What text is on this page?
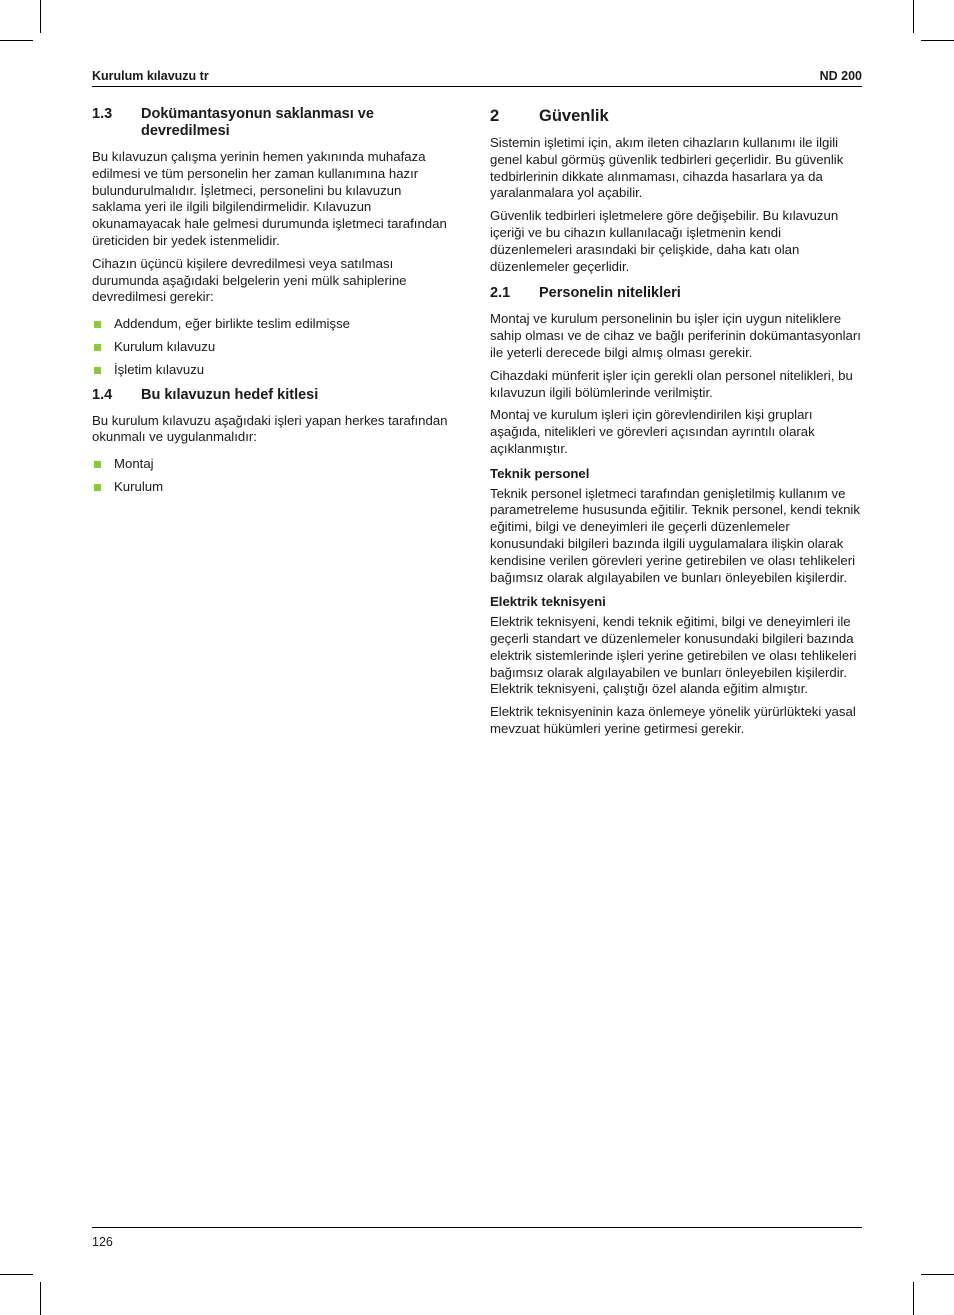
Kurulum kılavuzu tr	ND 200
1.3	Dokümantasyonun saklanması ve devredilmesi

Bu kılavuzun çalışma yerinin hemen yakınında muhafaza edilmesi ve tüm personelin her zaman kullanımına hazır bulundurulmalıdır. İşletmeci, personelini bu kılavuzun saklama yeri ile ilgili bilgilendirmelidir. Kılavuzun okunamayacak hale gelmesi durumunda işletmeci tarafından üreticiden bir yedek istenmelidir.

Cihazın üçüncü kişilere devredilmesi veya satılması durumunda aşağıdaki belgelerin yeni mülk sahiplerine devredilmesi gerekir:

Addendum, eğer birlikte teslim edilmişse
Kurulum kılavuzu
İşletim kılavuzu
1.4	Bu kılavuzun hedef kitlesi

Bu kurulum kılavuzu aşağıdaki işleri yapan herkes tarafından okunmalı ve uygulanmalıdır:

Montaj
Kurulum
2	Güvenlik

Sistemin işletimi için, akım ileten cihazların kullanımı ile ilgili genel kabul görmüş güvenlik tedbirleri geçerlidir. Bu güvenlik tedbirlerinin dikkate alınmaması, cihazda hasarlara ya da yaralanmalara yol açabilir.

Güvenlik tedbirleri işletmelere göre değişebilir. Bu kılavuzun içeriği ve bu cihazın kullanılacağı işletmenin kendi düzenlemeleri arasındaki bir çelişkide, daha katı olan düzenlemeler geçerlidir.

2.1	Personelin nitelikleri

Montaj ve kurulum personelinin bu işler için uygun niteliklere sahip olması ve de cihaz ve bağlı periferinin dokümantasyonları ile yeterli derecede bilgi almış olması gerekir.

Cihazdaki münferit işler için gerekli olan personel nitelikleri, bu kılavuzun ilgili bölümlerinde verilmiştir.

Montaj ve kurulum işleri için görevlendirilen kişi grupları aşağıda, nitelikleri ve görevleri açısından ayrıntılı olarak açıklanmıştır.

Teknik personel

Teknik personel işletmeci tarafından genişletilmiş kullanım ve parametreleme hususunda eğitilir. Teknik personel, kendi teknik eğitimi, bilgi ve deneyimleri ile geçerli düzenlemeler konusundaki bilgileri bazında ilgili uygulamalara ilişkin olarak kendisine verilen görevleri yerine getirebilen ve olası tehlikeleri bağımsız olarak algılayabilen ve bunları önleyebilen kişilerdir.

Elektrik teknisyeni

Elektrik teknisyeni, kendi teknik eğitimi, bilgi ve deneyimleri ile geçerli standart ve düzenlemeler konusundaki bilgileri bazında elektrik sistemlerinde işleri yerine getirebilen ve olası tehlikeleri bağımsız olarak algılayabilen ve bunları önleyebilen kişilerdir. Elektrik teknisyeni, çalıştığı özel alanda eğitim almıştır.

Elektrik teknisyeninin kaza önlemeye yönelik yürürlükteki yasal mevzuat hükümleri yerine getirmesi gerekir.

126
